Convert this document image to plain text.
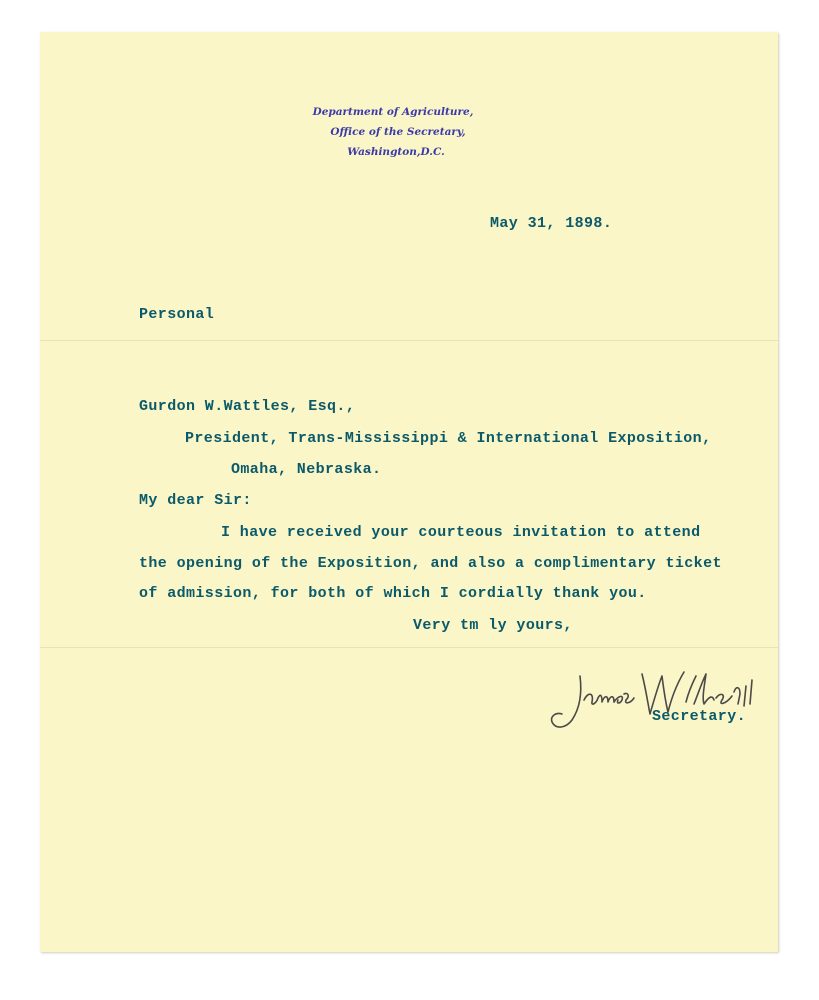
Department of Agriculture,
Office of the Secretary,
Washington,D.C.
May 31, 1898.
Personal
Gurdon W.Wattles, Esq.,
President, Trans-Mississippi & International Exposition,
Omaha, Nebraska.
My dear Sir:	​
I have received your courteous invitation to attend
the opening of the Exposition, and also a complimentary ticket
of admission, for both of which I cordially thank you.
Very tm ly yours,
Secretary.
